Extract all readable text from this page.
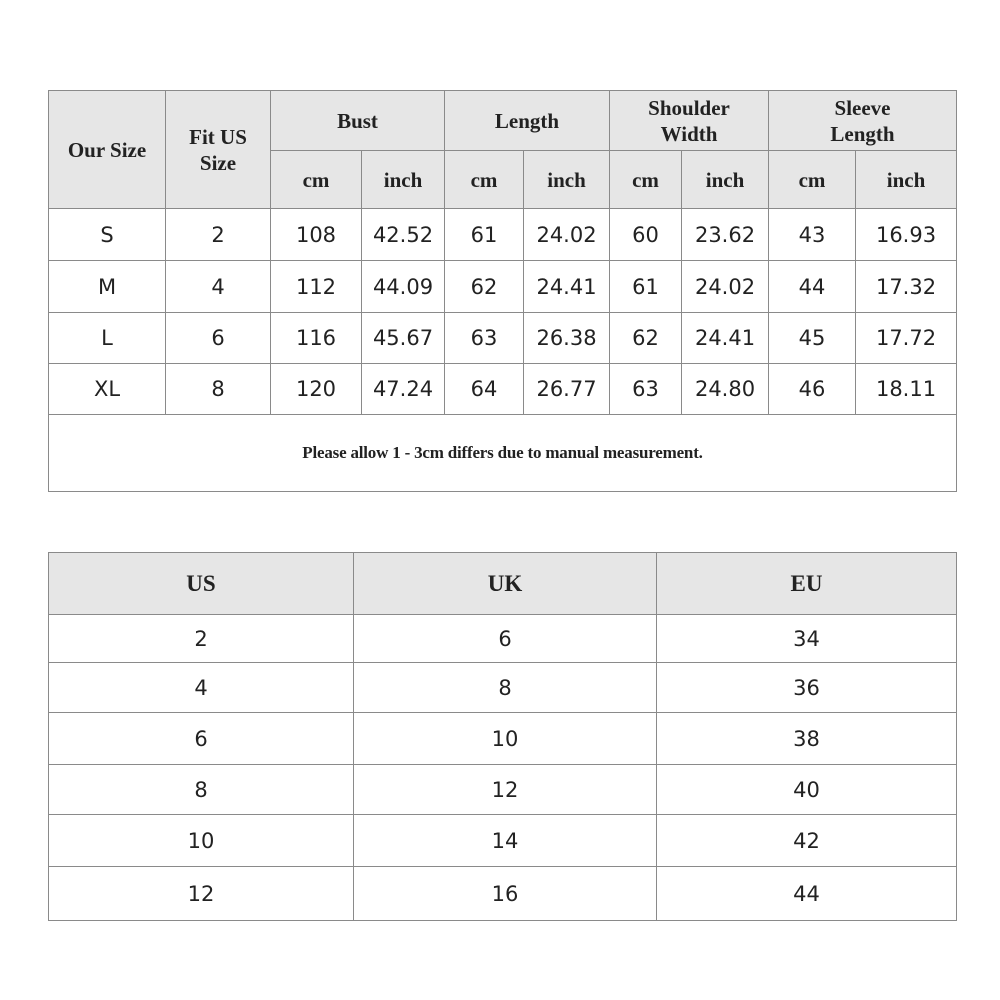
Our Size	Fit US Size	Bust		Length		Shoulder Width		Sleeve Length	

		cm	inch	cm	inch	cm	inch	cm	inch
S	2	108	42.52	61	24.02	60	23.62	43	16.93
M	4	112	44.09	62	24.41	61	24.02	44	17.32
L	6	116	45.67	63	26.38	62	24.41	45	17.72
XL	8	120	47.24	64	26.77	63	24.80	46	18.11
Please allow 1 - 3cm differs due to manual measurement.									
US	UK	EU
2	6	34
4	8	36
6	10	38
8	12	40
10	14	42
12	16	44
